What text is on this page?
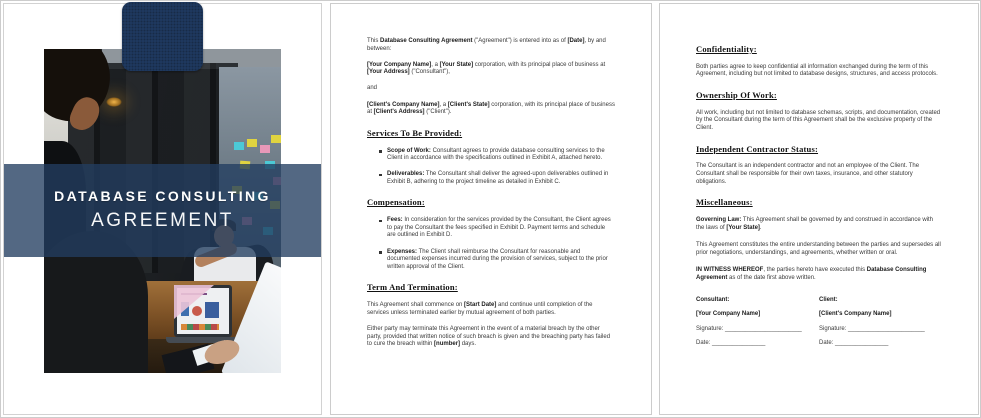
DATABASE CONSULTING
AGREEMENT

This Database Consulting Agreement ("Agreement") is entered into as of [Date], by and between:

[Your Company Name], a [Your State] corporation, with its principal place of business at [Your Address] ("Consultant"),

and

[Client's Company Name], a [Client's State] corporation, with its principal place of business at [Client's Address] ("Client").

Services To Be Provided:
Scope of Work: Consultant agrees to provide database consulting services to the Client in accordance with the specifications outlined in Exhibit A, attached hereto.
Deliverables: The Consultant shall deliver the agreed-upon deliverables outlined in Exhibit B, adhering to the project timeline as detailed in Exhibit C.
Compensation:
Fees: In consideration for the services provided by the Consultant, the Client agrees to pay the Consultant the fees specified in Exhibit D. Payment terms and schedule are outlined in Exhibit D.
Expenses: The Client shall reimburse the Consultant for reasonable and documented expenses incurred during the provision of services, subject to the prior written approval of the Client.
Term And Termination:

This Agreement shall commence on [Start Date] and continue until completion of the services unless terminated earlier by mutual agreement of both parties.

Either party may terminate this Agreement in the event of a material breach by the other party, provided that written notice of such breach is given and the breaching party has failed to cure the breach within [number] days.

Confidentiality:

Both parties agree to keep confidential all information exchanged during the term of this Agreement, including but not limited to database designs, structures, and access protocols.

Ownership Of Work:

All work, including but not limited to database schemas, scripts, and documentation, created by the Consultant during the term of this Agreement shall be the exclusive property of the Client.

Independent Contractor Status:

The Consultant is an independent contractor and not an employee of the Client. The Consultant shall be responsible for their own taxes, insurance, and other statutory obligations.

Miscellaneous:

Governing Law: This Agreement shall be governed by and construed in accordance with the laws of [Your State].

This Agreement constitutes the entire understanding between the parties and supersedes all prior negotiations, understandings, and agreements, whether written or oral.

IN WITNESS WHEREOF, the parties hereto have executed this Database Consulting Agreement as of the date first above written.

Consultant:
[Your Company Name]
Signature: _______________________
Date: ________________
Client:
[Client's Company Name]
Signature: _______________________
Date: ________________
